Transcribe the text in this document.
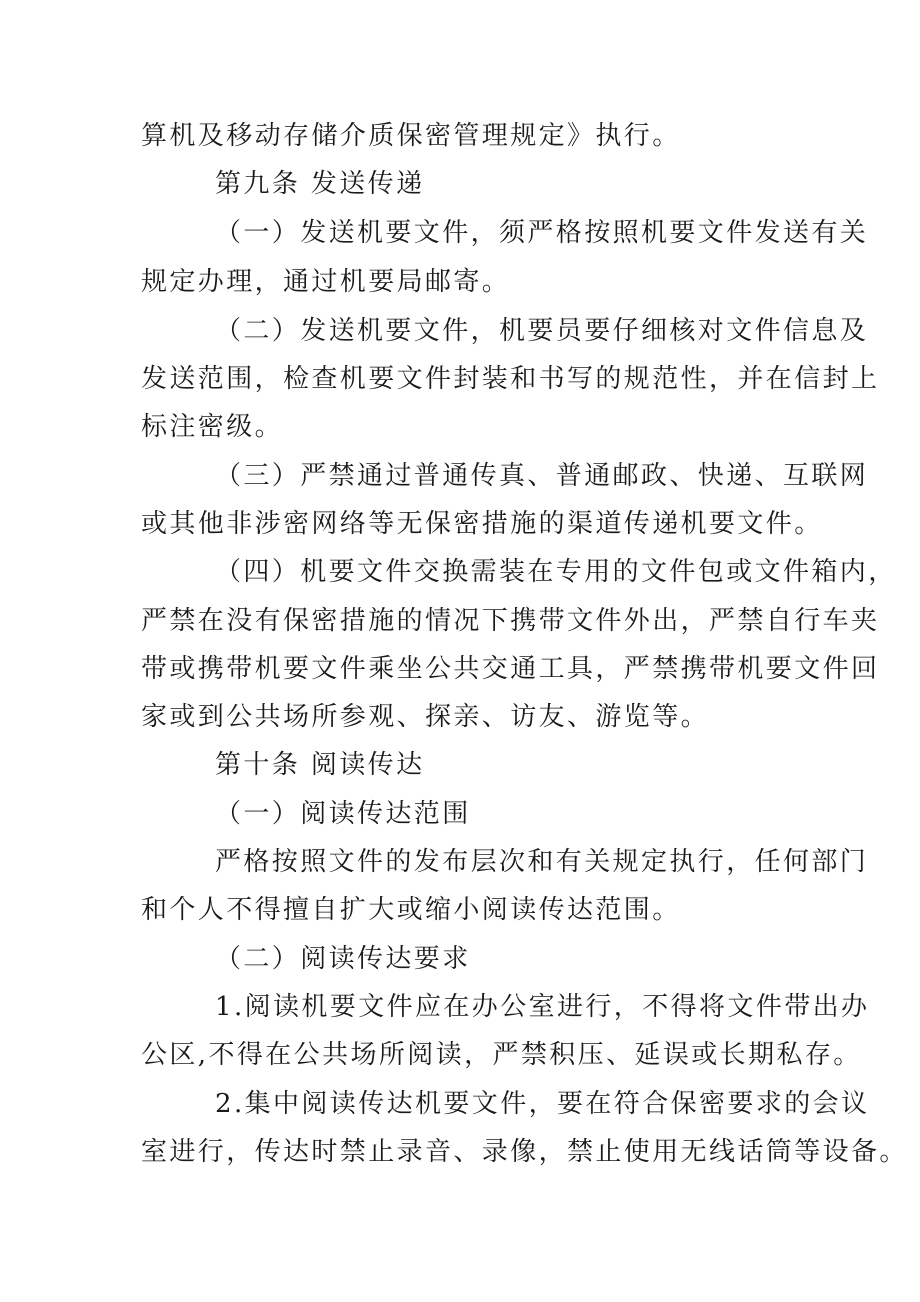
算机及移动存储介质保密管理规定》执行。
第九条 发送传递
（一）发送机要文件，须严格按照机要文件发送有关
规定办理，通过机要局邮寄。
（二）发送机要文件，机要员要仔细核对文件信息及
发送范围，检查机要文件封装和书写的规范性，并在信封上
标注密级。
（三）严禁通过普通传真、普通邮政、快递、互联网
或其他非涉密网络等无保密措施的渠道传递机要文件。
（四）机要文件交换需装在专用的文件包或文件箱内，
严禁在没有保密措施的情况下携带文件外出，严禁自行车夹
带或携带机要文件乘坐公共交通工具，严禁携带机要文件回
家或到公共场所参观、探亲、访友、游览等。
第十条 阅读传达
（一）阅读传达范围
严格按照文件的发布层次和有关规定执行，任何部门
和个人不得擅自扩大或缩小阅读传达范围。
（二）阅读传达要求
1.阅读机要文件应在办公室进行，不得将文件带出办
公区,不得在公共场所阅读，严禁积压、延误或长期私存。
2.集中阅读传达机要文件，要在符合保密要求的会议
室进行，传达时禁止录音、录像，禁止使用无线话筒等设备。
